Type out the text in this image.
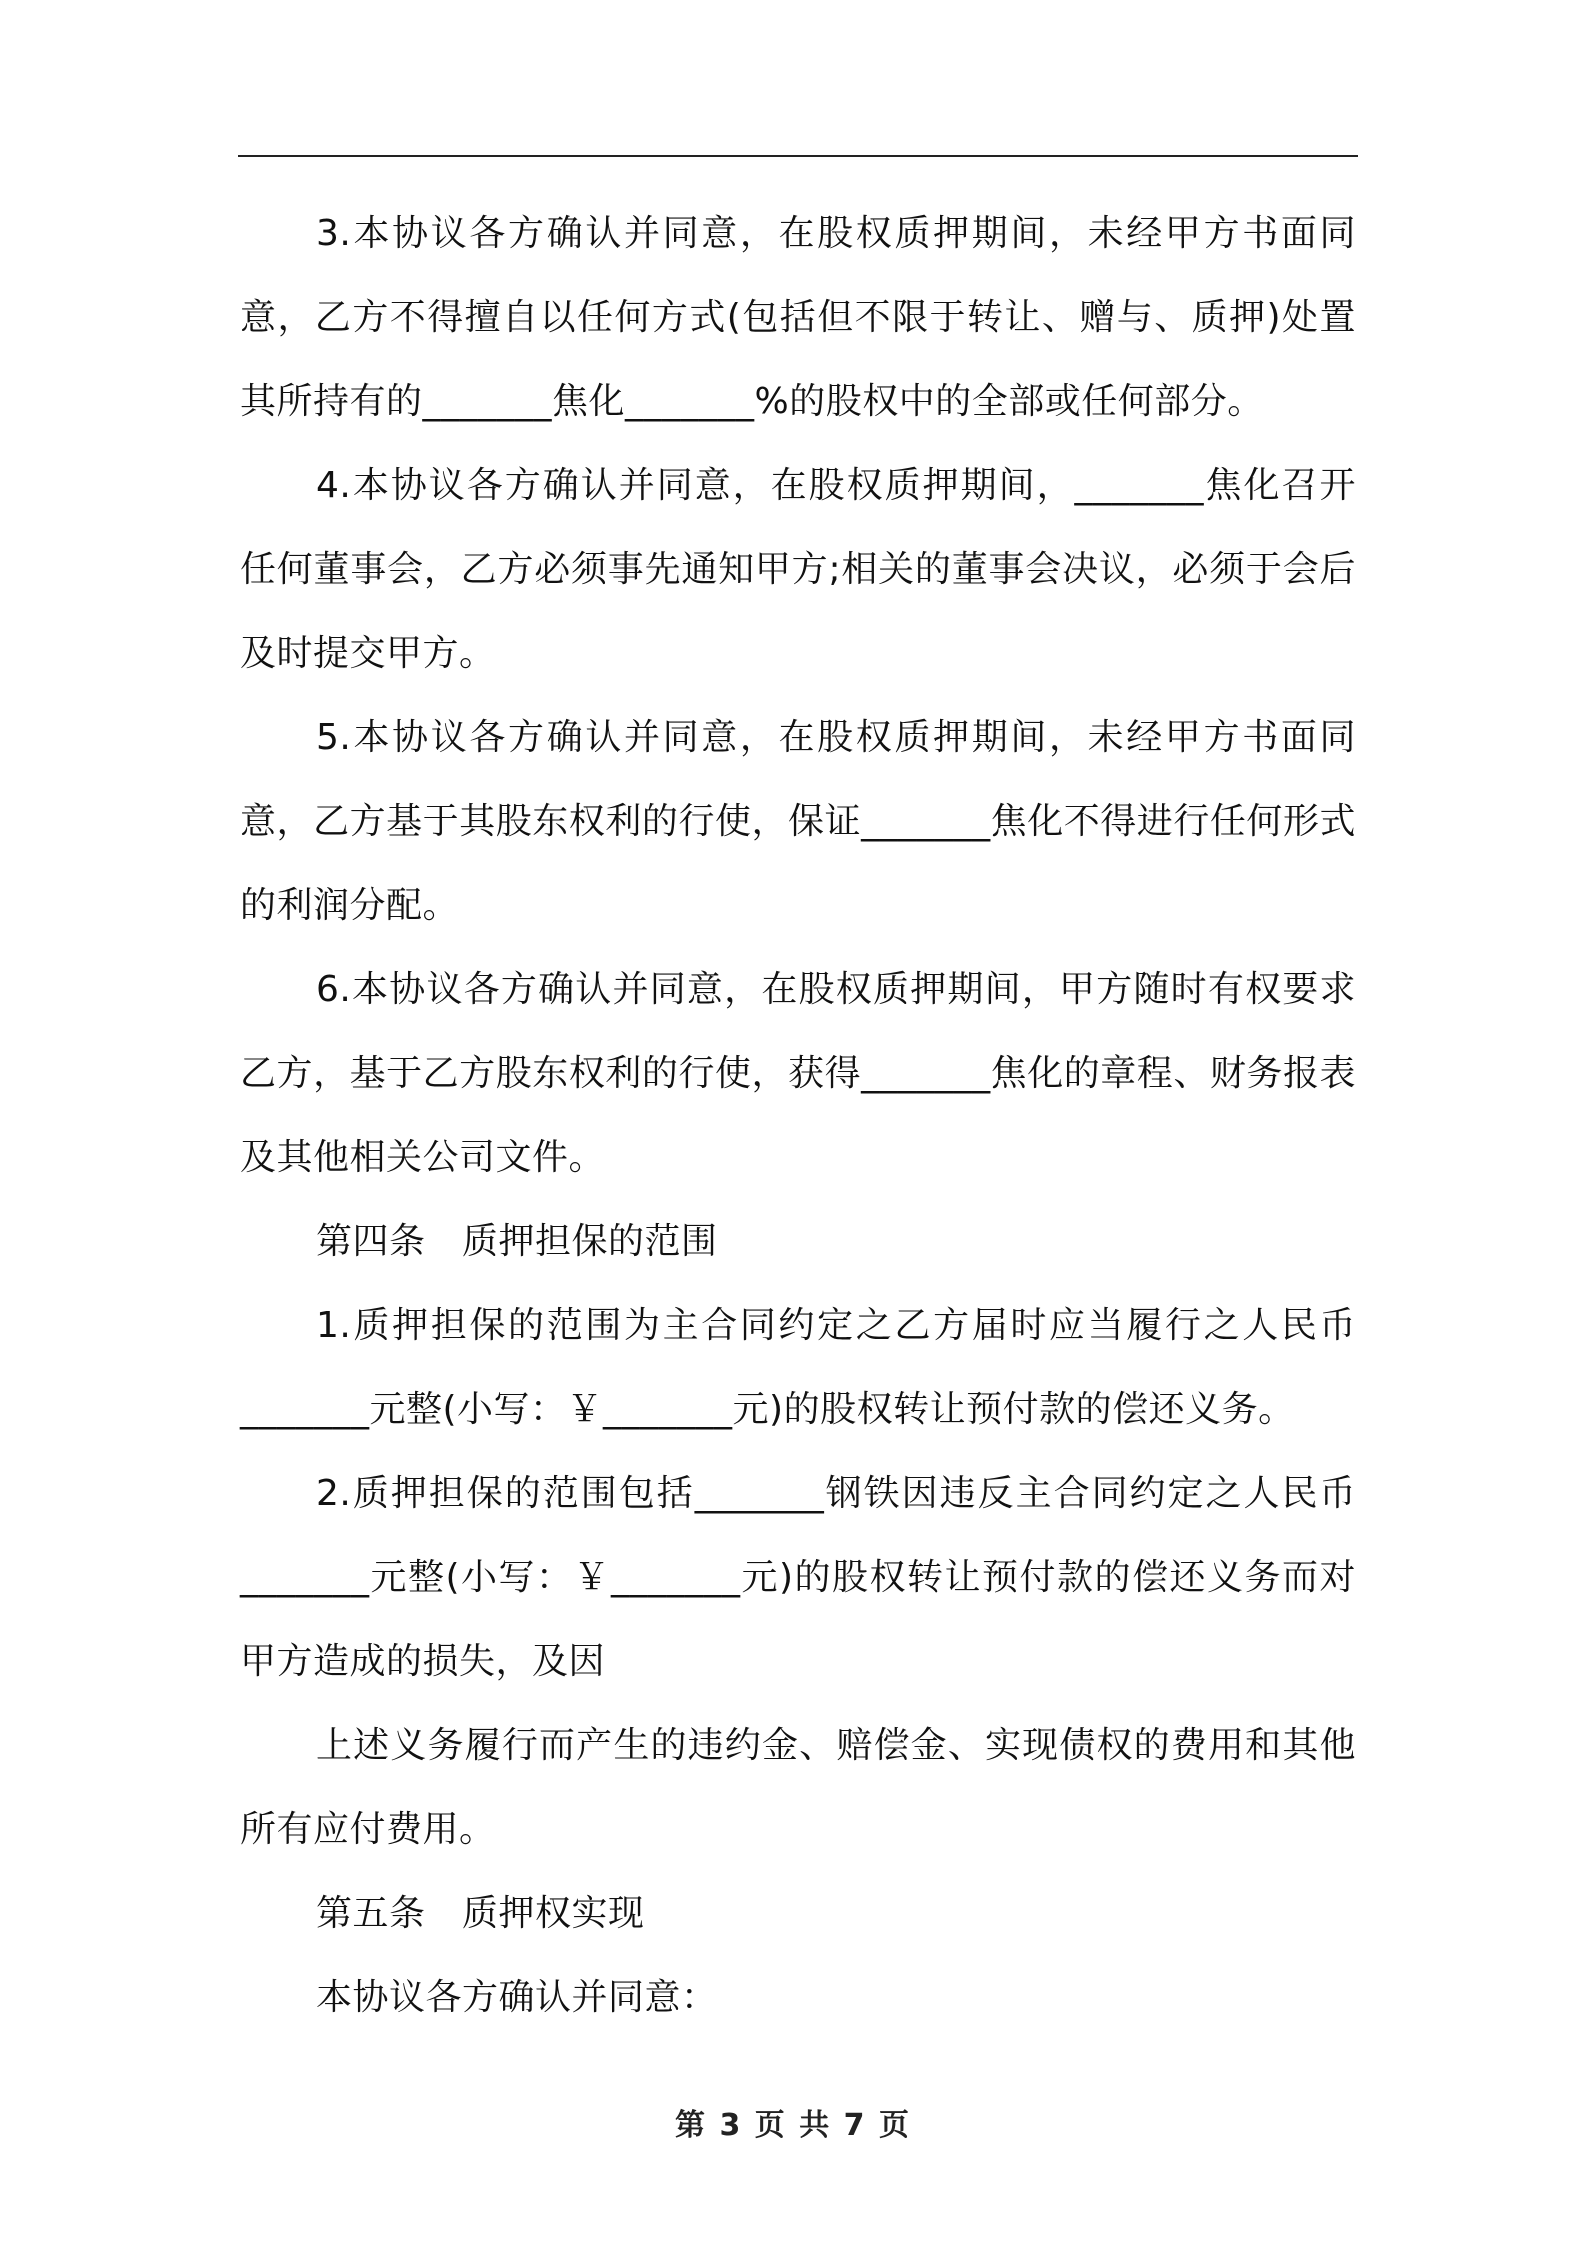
3.本协议各方确认并同意，在股权质押期间，未经甲方书面同意，乙方不得擅自以任何方式(包括但不限于转让、赠与、质押)处置其所持有的_______焦化_______%的股权中的全部或任何部分。

4.本协议各方确认并同意，在股权质押期间，_______焦化召开任何董事会，乙方必须事先通知甲方;相关的董事会决议，必须于会后及时提交甲方。

5.本协议各方确认并同意，在股权质押期间，未经甲方书面同意，乙方基于其股东权利的行使，保证_______焦化不得进行任何形式的利润分配。

6.本协议各方确认并同意，在股权质押期间，甲方随时有权要求乙方，基于乙方股东权利的行使，获得_______焦化的章程、财务报表及其他相关公司文件。

第四条　质押担保的范围

1.质押担保的范围为主合同约定之乙方届时应当履行之人民币_______元整(小写：￥_______元)的股权转让预付款的偿还义务。

2.质押担保的范围包括_______钢铁因违反主合同约定之人民币_______元整(小写：￥_______元)的股权转让预付款的偿还义务而对甲方造成的损失，及因

上述义务履行而产生的违约金、赔偿金、实现债权的费用和其他所有应付费用。

第五条　质押权实现

本协议各方确认并同意：

第 3 页 共 7 页
